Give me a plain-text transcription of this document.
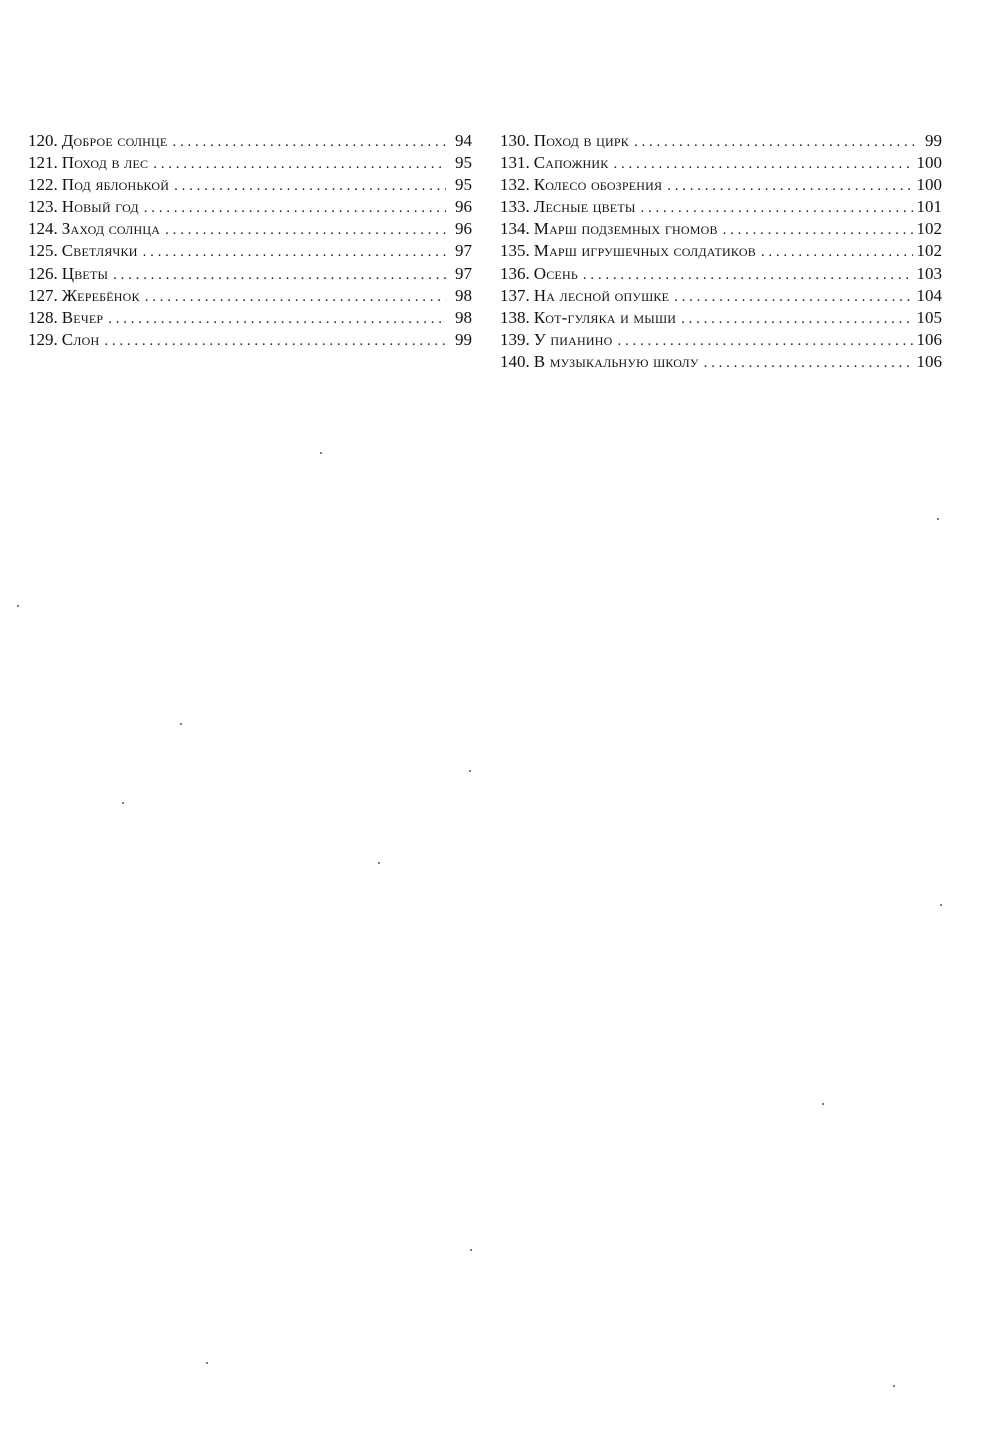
120. Доброе солнце . . .	94
121. Поход в лес . . .	95
122. Под яблонькой . . .	95
123. Новый год . . .	96
124. Заход солнца . . .	96
125. Светлячки . . .	97
126. Цветы . . .	97
127. Жеребёнок . . .	98
128. Вечер . . .	98
129. Слон . . .	99
130. Поход в цирк . . .	99
131. Сапожник . . .	100
132. Колесо обозрения . . .	100
133. Лесные цветы . . .	101
134. Марш подземных гномов . . .	102
135. Марш игрушечных солдатиков . . .	102
136. Осень . . .	103
137. На лесной опушке . . .	104
138. Кот-гуляка и мыши . . .	105
139. У пианино . . .	106
140. В музыкальную школу . . .	106
